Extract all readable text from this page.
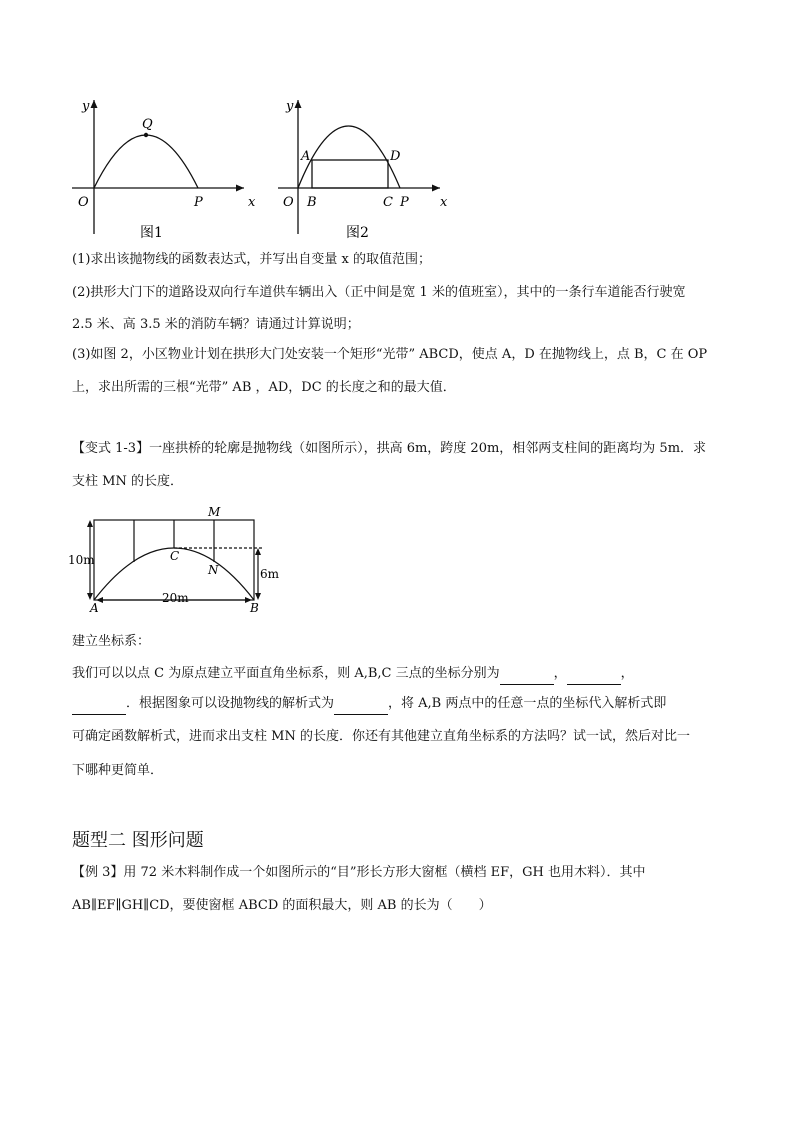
y
x
O
Q
P
图1
y
x
O
A	D
B	C P
图2
(1)求出该抛物线的函数表达式，并写出自变量 x 的取值范围；
(2)拱形大门下的道路设双向行车道供车辆出入（正中间是宽 1 米的值班室），其中的一条行车道能否行驶宽
2.5 米、高 3.5 米的消防车辆？请通过计算说明；
(3)如图 2，小区物业计划在拱形大门处安装一个矩形“光带” ABCD，使点 A，D 在抛物线上，点 B，C 在 OP
上，求出所需的三根“光带” AB ，AD，DC 的长度之和的最大值．
【变式 1-3】一座拱桥的轮廓是抛物线（如图所示），拱高 6m，跨度 20m，相邻两支柱间的距离均为 5m．求
支柱 MN 的长度．
M
C
N
A	B
10m
6m
20m
建立坐标系：
我们可以以点 C 为原点建立平面直角坐标系，则 A,B,C 三点的坐标分别为	，	，
．根据图象可以设抛物线的解析式为	，将 A,B 两点中的任意一点的坐标代入解析式即
可确定函数解析式，进而求出支柱 MN 的长度．你还有其他建立直角坐标系的方法吗？试一试，然后对比一
下哪种更简单．
题型二 图形问题
【例 3】用 72 米木料制作成一个如图所示的“目”形长方形大窗框（横档 EF，GH 也用木料）．其中
AB∥EF∥GH∥CD，要使窗框 ABCD 的面积最大，则 AB 的长为（　　）
